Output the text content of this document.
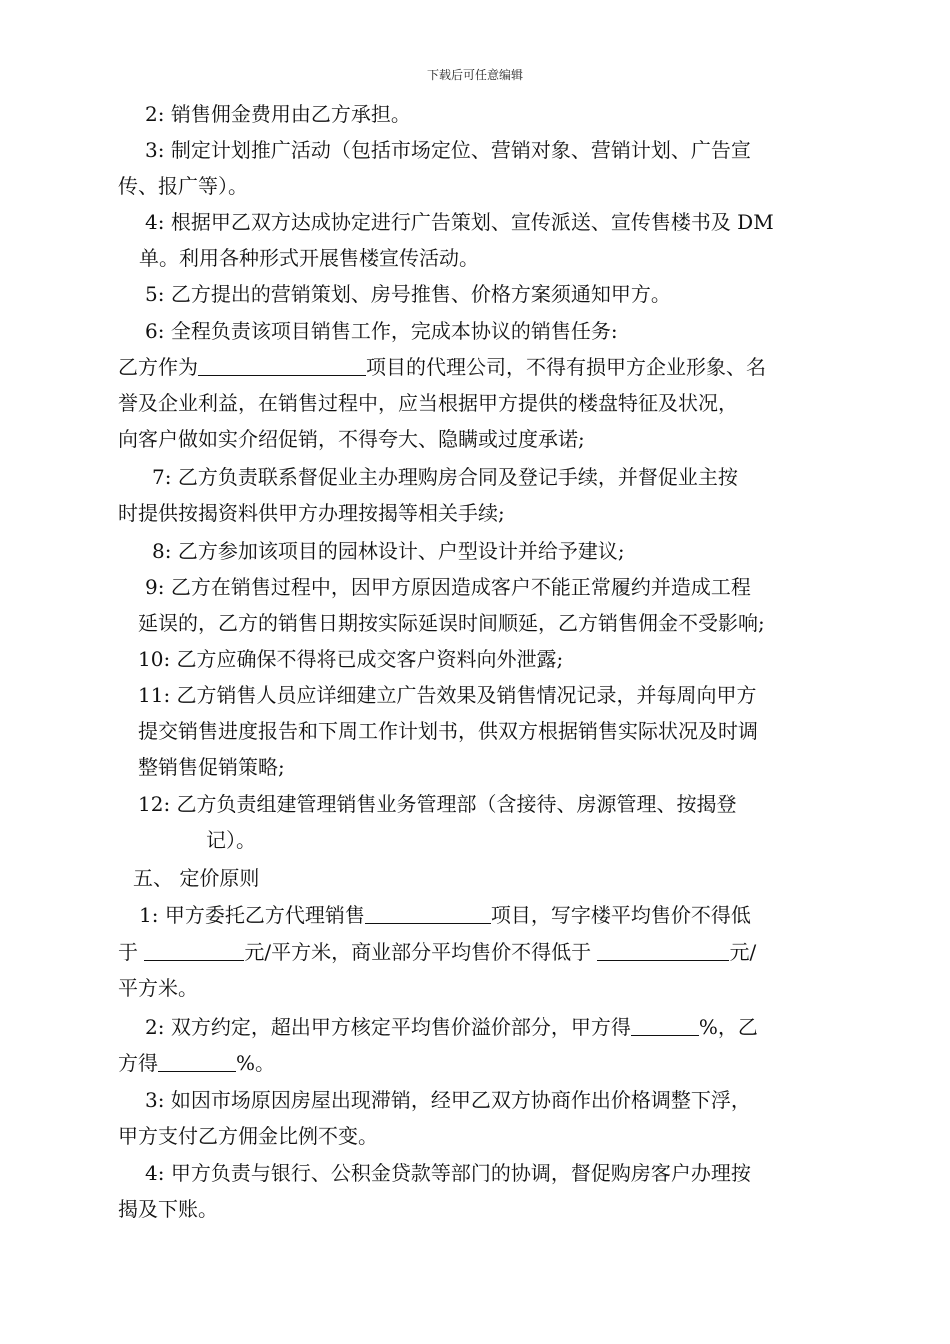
下载后可任意编辑
2: 销售佣金费用由乙方承担。
3: 制定计划推广活动（包括市场定位、营销对象、营销计划、广告宣
传、报广等）。
4: 根据甲乙双方达成协定进行广告策划、宣传派送、宣传售楼书及 DM
单。利用各种形式开展售楼宣传活动。
5: 乙方提出的营销策划、房号推售、价格方案须通知甲方。
6: 全程负责该项目销售工作，完成本协议的销售任务:
乙方作为	项目的代理公司，不得有损甲方企业形象、名
誉及企业利益，在销售过程中，应当根据甲方提供的楼盘特征及状况，
向客户做如实介绍促销，不得夸大、隐瞒或过度承诺;
7: 乙方负责联系督促业主办理购房合同及登记手续，并督促业主按
时提供按揭资料供甲方办理按揭等相关手续;
8: 乙方参加该项目的园林设计、户型设计并给予建议;
9: 乙方在销售过程中，因甲方原因造成客户不能正常履约并造成工程
延误的，乙方的销售日期按实际延误时间顺延，乙方销售佣金不受影响;
10: 乙方应确保不得将已成交客户资料向外泄露;
11: 乙方销售人员应详细建立广告效果及销售情况记录，并每周向甲方
提交销售进度报告和下周工作计划书，供双方根据销售实际状况及时调
整销售促销策略;
12: 乙方负责组建管理销售业务管理部（含接待、房源管理、按揭登
记）。
五、 定价原则
1: 甲方委托乙方代理销售	项目，写字楼平均售价不得低
于	元/平方米，商业部分平均售价不得低于	元/
平方米。
2: 双方约定，超出甲方核定平均售价溢价部分，甲方得	%，乙
方得	%。
3: 如因市场原因房屋出现滞销，经甲乙双方协商作出价格调整下浮，
甲方支付乙方佣金比例不变。
4: 甲方负责与银行、公积金贷款等部门的协调，督促购房客户办理按
揭及下账。
